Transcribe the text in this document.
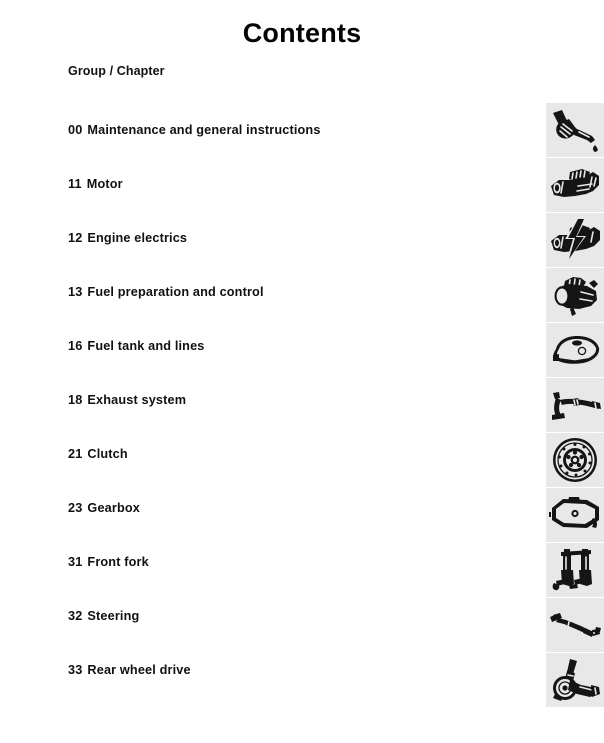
Contents
Group / Chapter
00 Maintenance and general instructions
11 Motor
12 Engine electrics
13 Fuel preparation and control
16 Fuel tank and lines
18 Exhaust system
21 Clutch
23 Gearbox
31 Front fork
32 Steering
33 Rear wheel drive
